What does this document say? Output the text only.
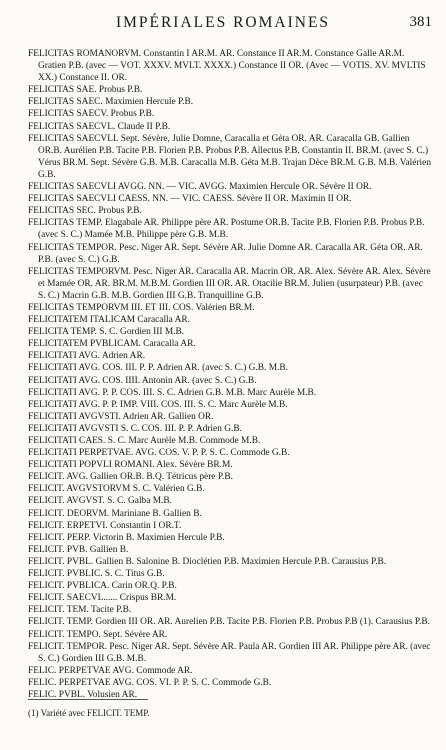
IMPÉRIALES ROMAINES	381
FELICITAS ROMANORVM. Constantin I AR.M. AR. Constance II AR.M. Constance Galle AR.M. Gratien P.B. (avec — VOT. XXXV. MVLT. XXXX.) Constance II OR. (Avec — VOTIS. XV. MVLTIS XX.) Constance II. OR.
FELICITAS SAE. Probus P.B.
FELICITAS SAEC. Maximien Hercule P.B.
FELICITAS SAECV. Probus P.B.
FELICITAS SAECVL. Claude II P.B.
FELICITAS SAECVLI. Sept. Sévère, Julie Domne, Caracalla et Géta OR. AR. Caracalla GB. Gallien OR.B. Aurélien P.B. Tacite P.B. Florien P.B. Probus P.B. Allectus P.B. Constantin II. BR.M. (avec S. C.) Vérus BR.M. Sept. Sévère G.B. M.B. Caracalla M.B. Géta M.B. Trajan Dèce BR.M. G.B. M.B. Valérien G.B.
FELICITAS SAECVLI AVGG. NN. — VIC. AVGG. Maximien Hercule OR. Sévère II OR.
FELICITAS SAECVLI CAESS. NN. — VIC. CAESS. Sévère II OR. Maximin II OR.
FELICITAS SEC. Probus P.B.
FELICITAS TEMP. Elagabale AR. Philippe père AR. Postume OR.B. Tacite P.B. Florien P.B. Probus P.B. (avec S. C.) Mamée M.B. Philippe père G.B. M.B.
FELICITAS TEMPOR. Pesc. Niger AR. Sept. Sévère AR. Julie Domne AR. Caracalla AR. Géta OR. AR. P.B. (avec S. C.) G.B.
FELICITAS TEMPORVM. Pesc. Niger AR. Caracalla AR. Macrin OR. AR. Alex. Sévère AR. Alex. Sévère et Mamée OR. AR. BR.M. M.B.M. Gordien III OR. AR. Otacilie BR.M. Julien (usurpateur) P.B. (avec S. C.) Macrin G.B. M.B. Gordien III G.B. Tranquilline G.B.
FELICITAS TEMPORVM III. ET III. COS. Valérien BR.M.
FELICITATEM ITALICAM Caracalla AR.
FELICITA TEMP. S. C. Gordien III M.B.
FELICITATEM PVBLICAM. Caracalla AR.
FELICITATI AVG. Adrien AR.
FELICITATI AVG. COS. III. P. P. Adrien AR. (avec S. C.) G.B. M.B.
FELICITATI AVG. COS. IIII. Antonin AR. (avec S. C.) G.B.
FELICITATI AVG. P. P. COS. III. S. C. Adrien G.B. M.B. Marc Aurèle M.B.
FELICITATI AVG. P. P. IMP. VIII. COS. III. S. C. Marc Aurèle M.B.
FELICITATI AVGVSTI. Adrien AR. Gallien OR.
FELICITATI AVGVSTI S. C. COS. III. P. P. Adrien G.B.
FELICITATI CAES. S. C. Marc Aurèle M.B. Commode M.B.
FELICITATI PERPETVAE. AVG. COS. V. P. P. S. C. Commode G.B.
FELICITATI POPVLI ROMANI. Alex. Sévère BR.M.
FELICIT. AVG. Gallien OR.B. B.Q. Tétricus père P.B.
FELICIT. AVGVSTORVM S. C. Valérien G.B.
FELICIT. AVGVST. S. C. Galba M.B.
FELICIT. DEORVM. Mariniane B. Gallien B.
FELICIT. ERPETVI. Constantin I OR.T.
FELICIT. PERP. Victorin B. Maximien Hercule P.B.
FELICIT. PVB. Gallien B.
FELICIT. PVBL. Gallien B. Salonine B. Dioclétien P.B. Maximien Hercule P.B. Carausius P.B.
FELICIT. PVBLIC. S. C. Titus G.B.
FELICIT. PVBLICA. Carin OR.Q. P.B.
FELICIT. SAECVL...... Crispus BR.M.
FELICIT. TEM. Tacite P.B.
FELICIT. TEMP. Gordien III OR. AR. Aurelien P.B. Tacite P.B. Florien P.B. Probus P.B (1). Carausius P.B.
FELICIT. TEMPO. Sept. Sévère AR.
FELICIT. TEMPOR. Pesc. Niger AR. Sept. Sévère AR. Paula AR. Gordien III AR. Philippe père AR. (avec S. C.) Gordien III G.B. M.B.
FELIC. PERPETVAE AVG. Commode AR.
FELIC. PERPETVAE AVG. COS. VI. P. P. S. C. Commode G.B.
FELIC. PVBL. Volusien AR.
(1) Variété avec FELICIT. TEMP.
